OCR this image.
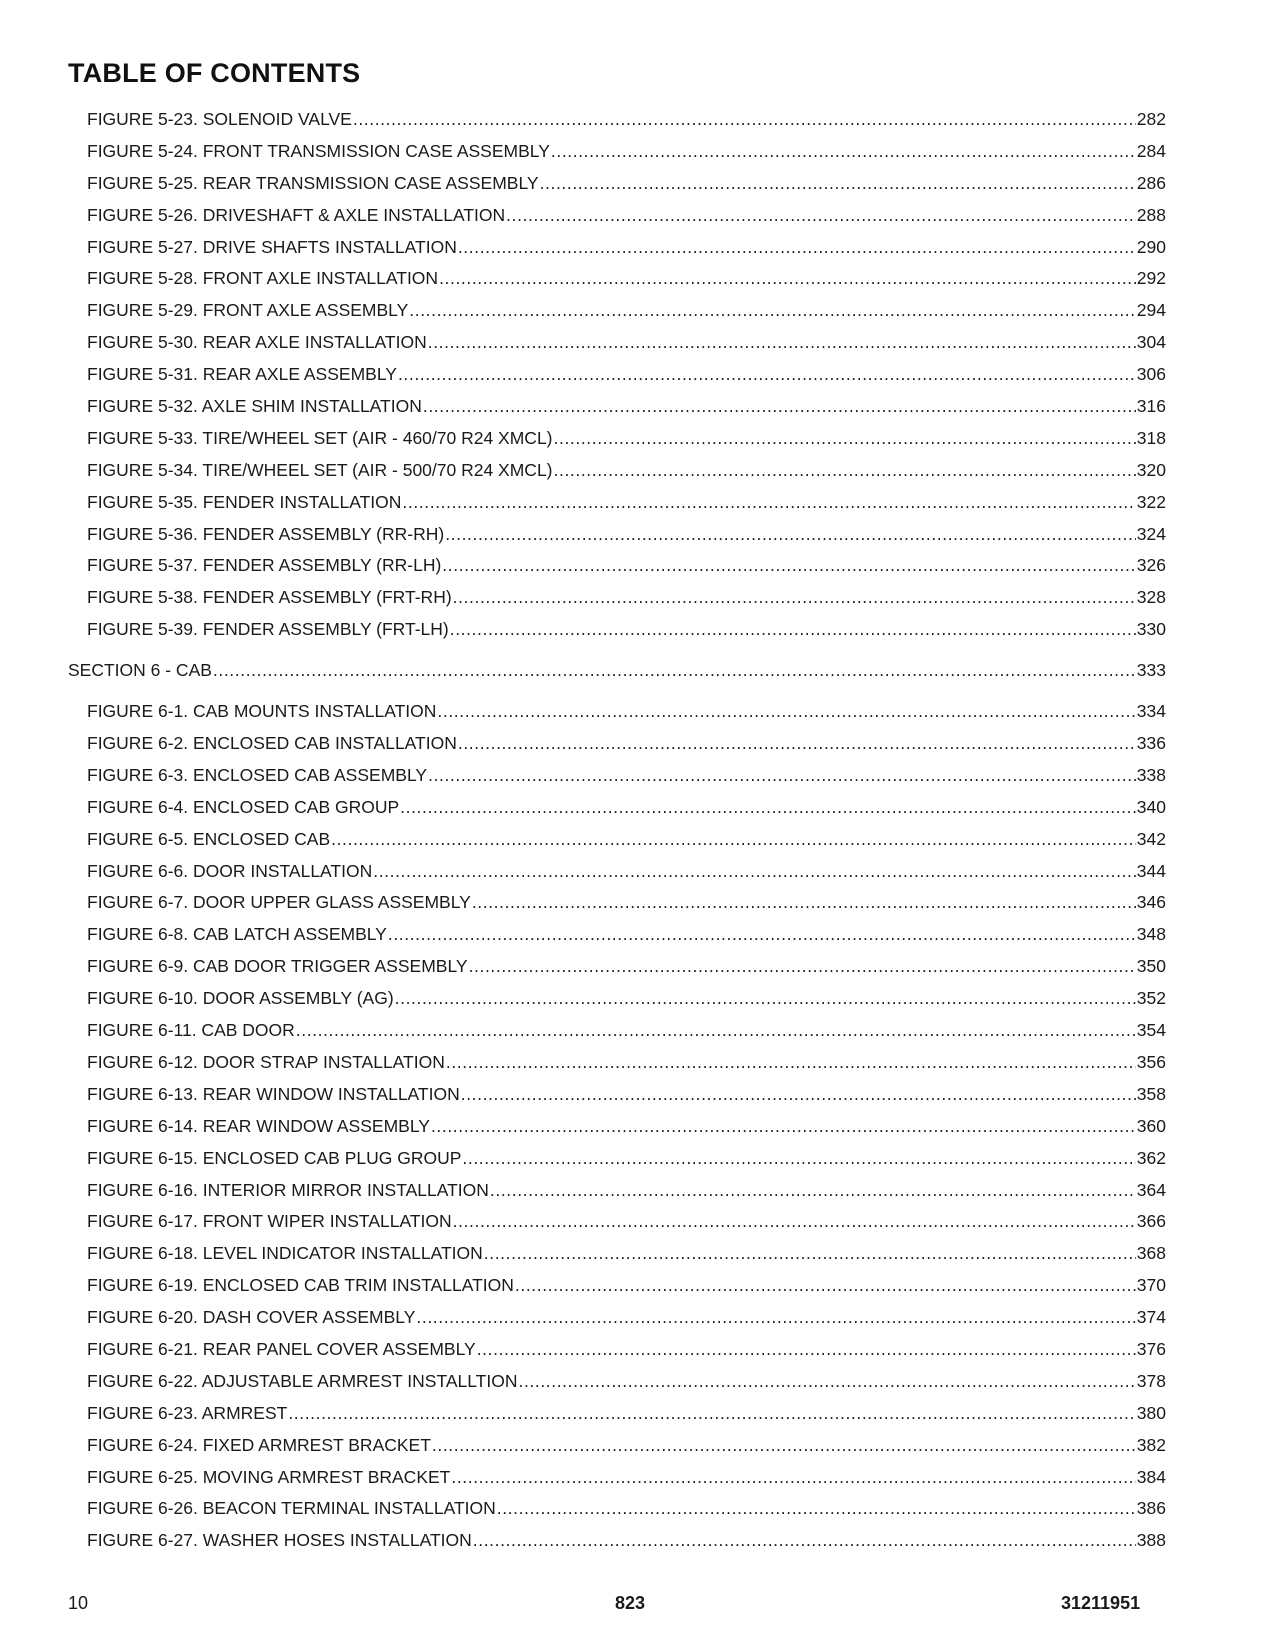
TABLE OF CONTENTS
FIGURE 5-23. SOLENOID VALVE .....	282
FIGURE 5-24. FRONT TRANSMISSION CASE ASSEMBLY .....	284
FIGURE 5-25. REAR TRANSMISSION CASE ASSEMBLY .....	286
FIGURE 5-26. DRIVESHAFT & AXLE INSTALLATION .....	288
FIGURE 5-27. DRIVE SHAFTS INSTALLATION .....	290
FIGURE 5-28. FRONT AXLE INSTALLATION .....	292
FIGURE 5-29. FRONT AXLE ASSEMBLY .....	294
FIGURE 5-30. REAR AXLE INSTALLATION .....	304
FIGURE 5-31. REAR AXLE ASSEMBLY .....	306
FIGURE 5-32. AXLE SHIM INSTALLATION .....	316
FIGURE 5-33. TIRE/WHEEL SET (AIR - 460/70 R24 XMCL) .....	318
FIGURE 5-34. TIRE/WHEEL SET (AIR - 500/70 R24 XMCL) .....	320
FIGURE 5-35. FENDER INSTALLATION .....	322
FIGURE 5-36. FENDER ASSEMBLY (RR-RH) .....	324
FIGURE 5-37. FENDER ASSEMBLY (RR-LH) .....	326
FIGURE 5-38. FENDER ASSEMBLY (FRT-RH) .....	328
FIGURE 5-39. FENDER ASSEMBLY (FRT-LH) .....	330
SECTION 6 - CAB .....	333
FIGURE 6-1. CAB MOUNTS INSTALLATION .....	334
FIGURE 6-2. ENCLOSED CAB INSTALLATION .....	336
FIGURE 6-3. ENCLOSED CAB ASSEMBLY .....	338
FIGURE 6-4. ENCLOSED CAB GROUP .....	340
FIGURE 6-5. ENCLOSED CAB .....	342
FIGURE 6-6. DOOR INSTALLATION .....	344
FIGURE 6-7. DOOR UPPER GLASS ASSEMBLY .....	346
FIGURE 6-8. CAB LATCH ASSEMBLY .....	348
FIGURE 6-9. CAB DOOR TRIGGER ASSEMBLY .....	350
FIGURE 6-10. DOOR ASSEMBLY (AG) .....	352
FIGURE 6-11. CAB DOOR .....	354
FIGURE 6-12. DOOR STRAP INSTALLATION .....	356
FIGURE 6-13. REAR WINDOW INSTALLATION .....	358
FIGURE 6-14. REAR WINDOW ASSEMBLY .....	360
FIGURE 6-15. ENCLOSED CAB PLUG GROUP .....	362
FIGURE 6-16. INTERIOR MIRROR INSTALLATION .....	364
FIGURE 6-17. FRONT WIPER INSTALLATION .....	366
FIGURE 6-18. LEVEL INDICATOR INSTALLATION .....	368
FIGURE 6-19. ENCLOSED CAB TRIM INSTALLATION .....	370
FIGURE 6-20. DASH COVER ASSEMBLY .....	374
FIGURE 6-21. REAR PANEL COVER ASSEMBLY .....	376
FIGURE 6-22. ADJUSTABLE ARMREST INSTALLTION .....	378
FIGURE 6-23. ARMREST .....	380
FIGURE 6-24. FIXED ARMREST BRACKET .....	382
FIGURE 6-25. MOVING ARMREST BRACKET .....	384
FIGURE 6-26. BEACON TERMINAL INSTALLATION .....	386
FIGURE 6-27. WASHER HOSES INSTALLATION .....	388
10	823	31211951
